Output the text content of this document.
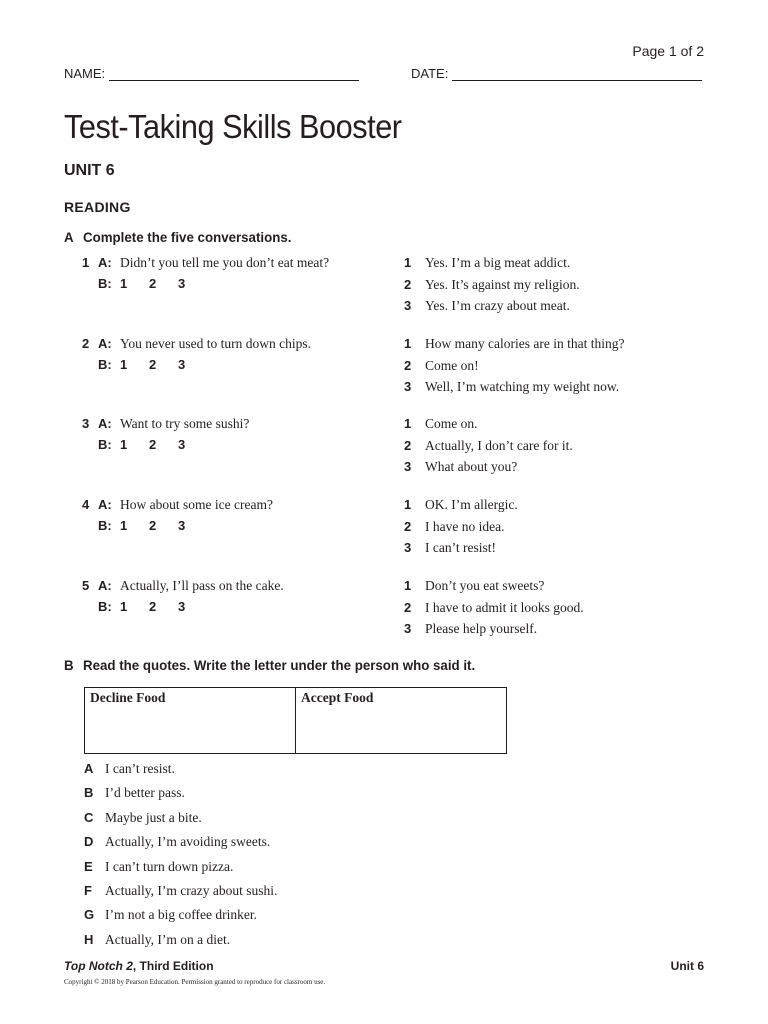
Page 1 of 2
NAME:	DATE:
Test-Taking Skills Booster
UNIT 6
READING
A Complete the five conversations.
1 A: Didn’t you tell me you don’t eat meat?
B: 1	2	3
1	Yes. I’m a big meat addict.
2	Yes. It’s against my religion.
3	Yes. I’m crazy about meat.
2 A: You never used to turn down chips.
B: 1	2	3
1	How many calories are in that thing?
2	Come on!
3	Well, I’m watching my weight now.
3 A: Want to try some sushi?
B: 1	2	3
1	Come on.
2	Actually, I don’t care for it.
3	What about you?
4 A: How about some ice cream?
B: 1	2	3
1	OK. I’m allergic.
2	I have no idea.
3	I can’t resist!
5 A: Actually, I’ll pass on the cake.
B: 1	2	3
1	Don’t you eat sweets?
2	I have to admit it looks good.
3	Please help yourself.
B Read the quotes. Write the letter under the person who said it.
Decline Food	Accept Food
A I can’t resist.
B I’d better pass.
C Maybe just a bite.
D Actually, I’m avoiding sweets.
E I can’t turn down pizza.
F Actually, I’m crazy about sushi.
G I’m not a big coffee drinker.
H Actually, I’m on a diet.
Top Notch 2, Third Edition	Unit 6
Copyright © 2018 by Pearson Education. Permission granted to reproduce for classroom use.
